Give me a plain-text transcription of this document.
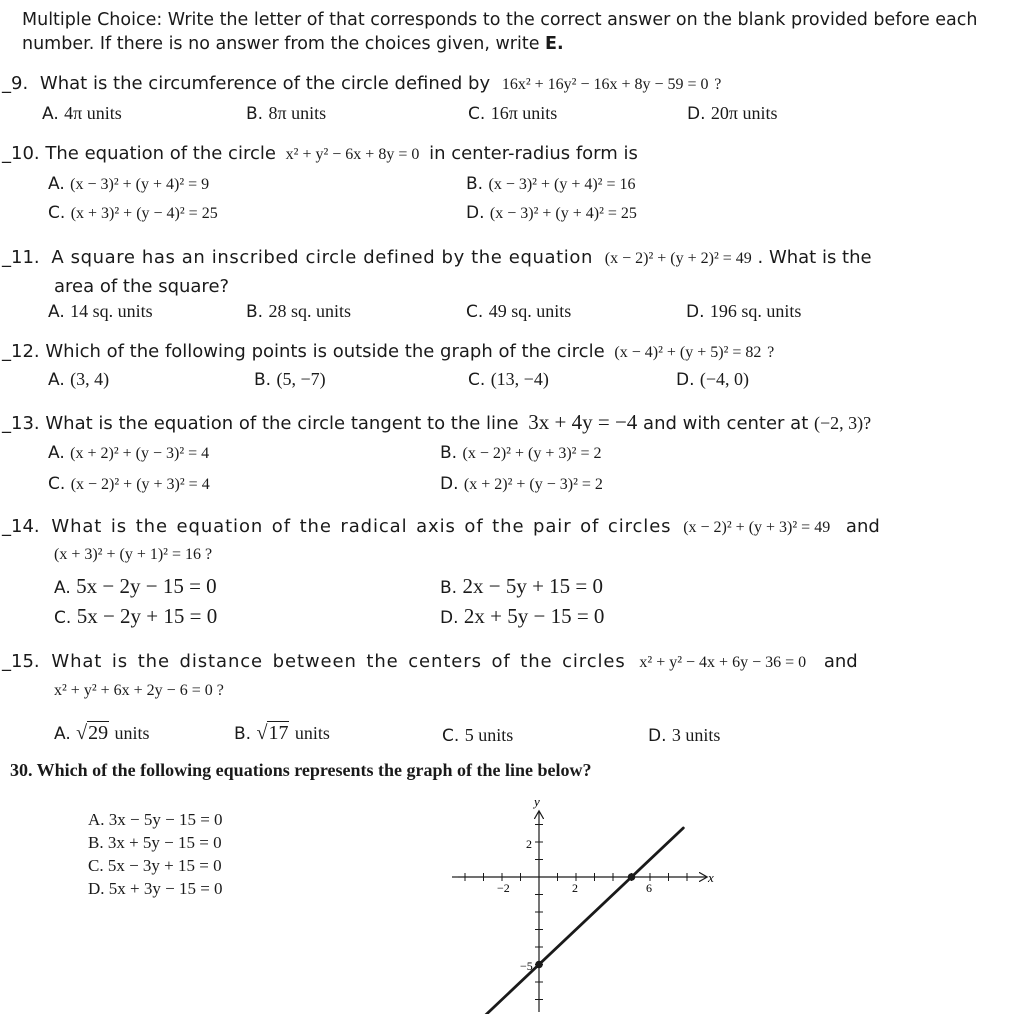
Multiple Choice: Write the letter of that corresponds to the correct answer on the blank provided before each number. If there is no answer from the choices given, write E.
_9. What is the circumference of the circle defined by 16x² + 16y² − 16x + 8y − 59 = 0 ?
A. 4π units	B. 8π units	C. 16π units	D. 20π units
_10. The equation of the circle x² + y² − 6x + 8y = 0 in center-radius form is
A. (x − 3)² + (y + 4)² = 9	B. (x − 3)² + (y + 4)² = 16
C. (x + 3)² + (y − 4)² = 25	D. (x − 3)² + (y + 4)² = 25
_11. A square has an inscribed circle defined by the equation (x − 2)² + (y + 2)² = 49 . What is the
area of the square?
A. 14 sq. units	B. 28 sq. units	C. 49 sq. units	D. 196 sq. units
_12. Which of the following points is outside the graph of the circle (x − 4)² + (y + 5)² = 82 ?
A. (3, 4)	B. (5, −7)	C. (13, −4)	D. (−4, 0)
_13. What is the equation of the circle tangent to the line 3x + 4y = −4 and with center at (−2, 3)?
A. (x + 2)² + (y − 3)² = 4	B. (x − 2)² + (y + 3)² = 2
C. (x − 2)² + (y + 3)² = 4	D. (x + 2)² + (y − 3)² = 2
_14. What is the equation of the radical axis of the pair of circles (x − 2)² + (y + 3)² = 49 and
(x + 3)² + (y + 1)² = 16 ?
A. 5x − 2y − 15 = 0	B. 2x − 5y + 15 = 0
C. 5x − 2y + 15 = 0	D. 2x + 5y − 15 = 0
_15. What is the distance between the centers of the circles x² + y² − 4x + 6y − 36 = 0 and
x² + y² + 6x + 2y − 6 = 0 ?
A. √29 units	B. √17 units	C. 5 units	D. 3 units
30. Which of the following equations represents the graph of the line below?
A. 3x − 5y − 15 = 0
B. 3x + 5y − 15 = 0
C. 5x − 3y + 15 = 0
D. 5x + 3y − 15 = 0
x
y
−2	2	6
2
−5
